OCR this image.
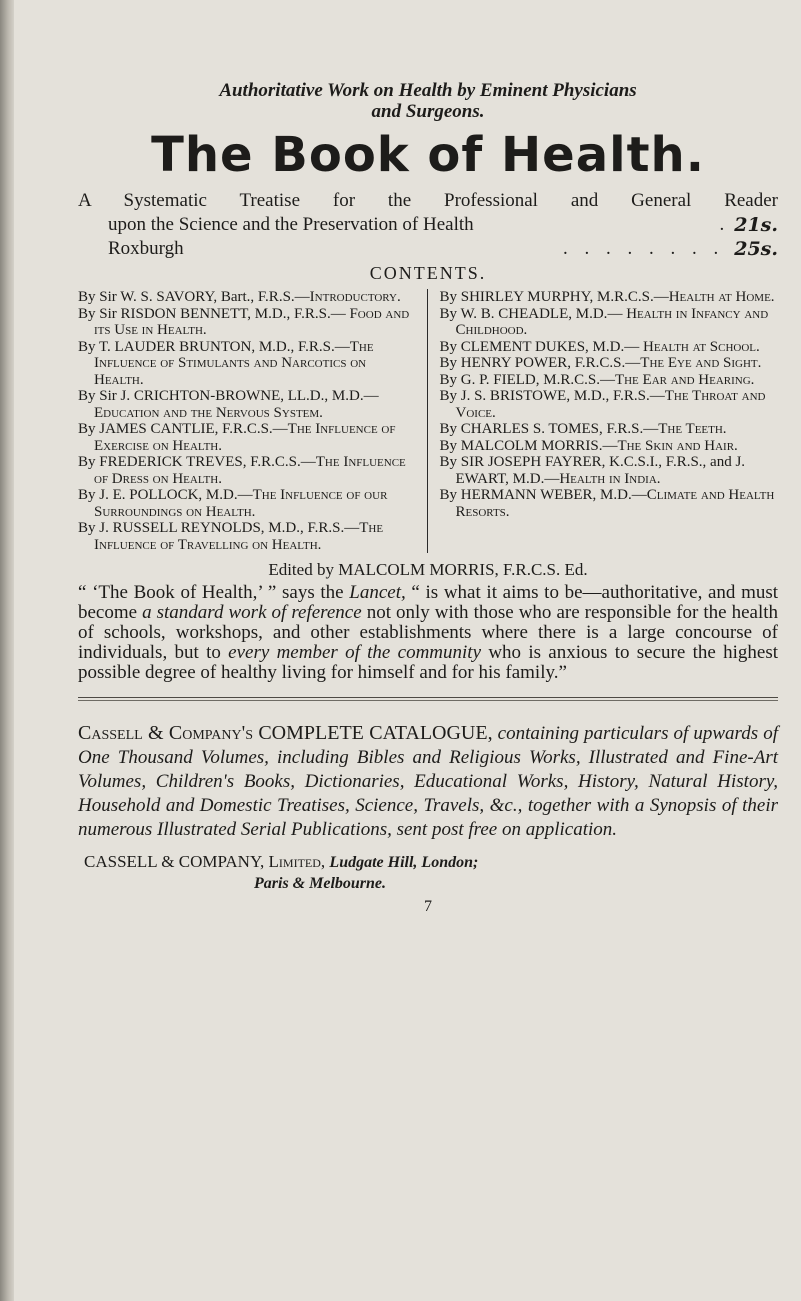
Authoritative Work on Health by Eminent Physicians

and Surgeons.

The Book of Health.

A Systematic Treatise for the Professional and General Reader

upon the Science and the Preservation of Health	. 21s.

Roxburgh	. . . . . . . . 25s.

CONTENTS.

By Sir W. S. SAVORY, Bart., F.R.S.—Introductory.

By Sir RISDON BENNETT, M.D., F.R.S.— Food and its Use in Health.

By T. LAUDER BRUNTON, M.D., F.R.S.—The Influence of Stimulants and Narcotics on Health.

By Sir J. CRICHTON-BROWNE, LL.D., M.D.—Education and the Nervous System.

By JAMES CANTLIE, F.R.C.S.—The Influence of Exercise on Health.

By FREDERICK TREVES, F.R.C.S.—The Influence of Dress on Health.

By J. E. POLLOCK, M.D.—The Influence of our Surroundings on Health.

By J. RUSSELL REYNOLDS, M.D., F.R.S.—The Influence of Travelling on Health.

By SHIRLEY MURPHY, M.R.C.S.—Health at Home.

By W. B. CHEADLE, M.D.— Health in Infancy and Childhood.

By CLEMENT DUKES, M.D.— Health at School.

By HENRY POWER, F.R.C.S.—The Eye and Sight.

By G. P. FIELD, M.R.C.S.—The Ear and Hearing.

By J. S. BRISTOWE, M.D., F.R.S.—The Throat and Voice.

By CHARLES S. TOMES, F.R.S.—The Teeth.

By MALCOLM MORRIS.—The Skin and Hair.

By SIR JOSEPH FAYRER, K.C.S.I., F.R.S., and J. EWART, M.D.—Health in India.

By HERMANN WEBER, M.D.—Climate and Health Resorts.

Edited by MALCOLM MORRIS, F.R.C.S. Ed.

“ ‘The Book of Health,’ ” says the Lancet, “ is what it aims to be—authoritative, and must become a standard work of reference not only with those who are responsible for the health of schools, workshops, and other establishments where there is a large concourse of individuals, but to every member of the community who is anxious to secure the highest possible degree of healthy living for himself and for his family.”

Cassell & Company's COMPLETE CATALOGUE, containing particulars of upwards of One Thousand Volumes, including Bibles and Religious Works, Illustrated and Fine-Art Volumes, Children's Books, Dictionaries, Educational Works, History, Natural History, Household and Domestic Treatises, Science, Travels, &c., together with a Synopsis of their numerous Illustrated Serial Publications, sent post free on application.

CASSELL & COMPANY, Limited, Ludgate Hill, London;
Paris & Melbourne.

7
